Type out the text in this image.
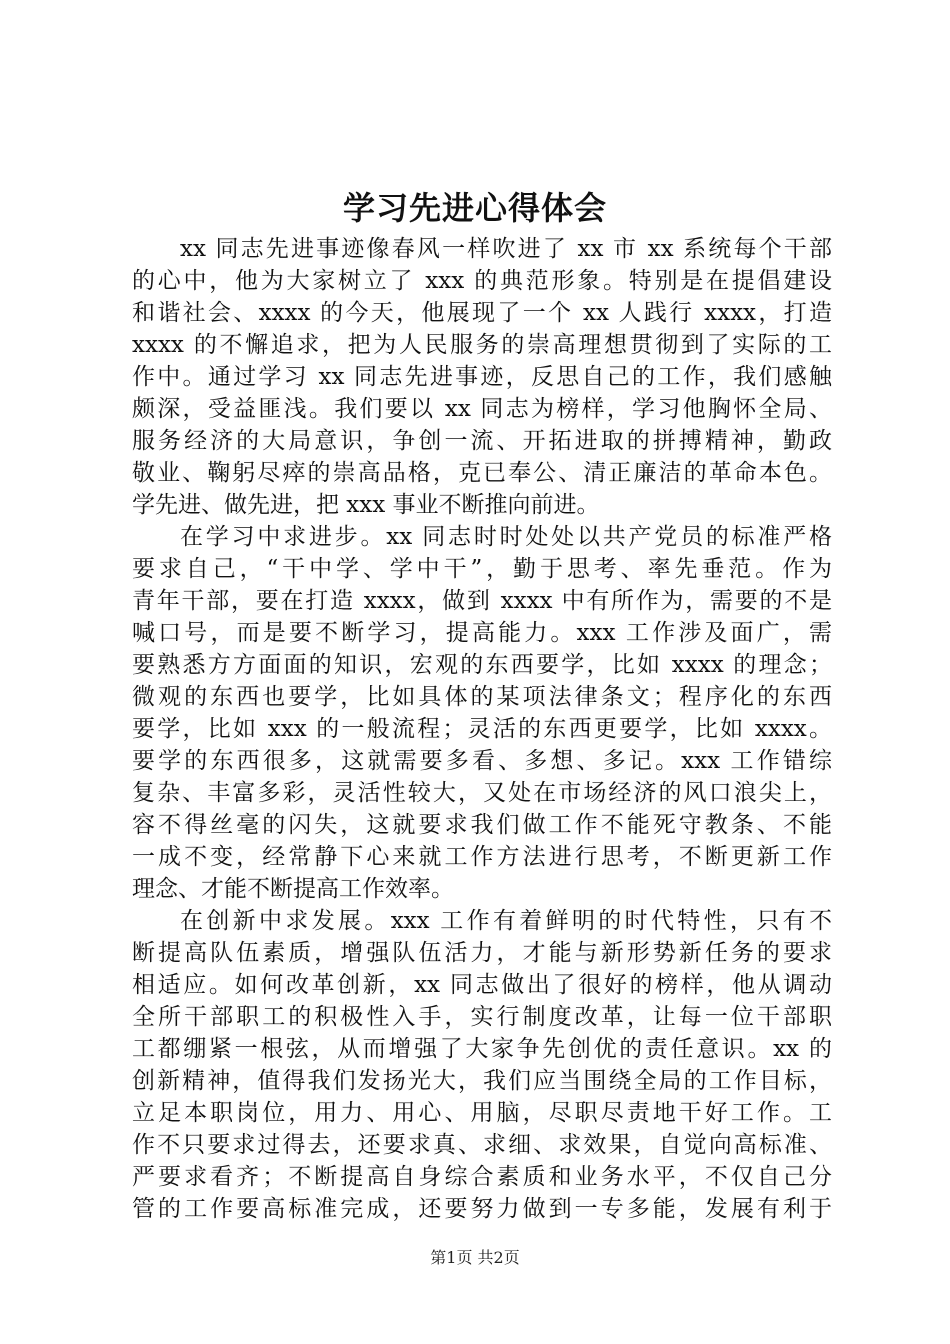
学习先进心得体会
xx 同志先进事迹像春风一样吹进了 xx 市 xx 系统每个干部
的心中，他为大家树立了 xxx 的典范形象。特别是在提倡建设
和谐社会、xxxx 的今天，他展现了一个 xx 人践行 xxxx，打造
xxxx 的不懈追求，把为人民服务的崇高理想贯彻到了实际的工
作中。通过学习 xx 同志先进事迹，反思自己的工作，我们感触
颇深，受益匪浅。我们要以 xx 同志为榜样，学习他胸怀全局、
服务经济的大局意识，争创一流、开拓进取的拼搏精神，勤政
敬业、鞠躬尽瘁的崇高品格，克已奉公、清正廉洁的革命本色。
学先进、做先进，把 xxx 事业不断推向前进。
在学习中求进步。xx 同志时时处处以共产党员的标准严格
要求自己，“干中学、学中干”，勤于思考、率先垂范。作为
青年干部，要在打造 xxxx，做到 xxxx 中有所作为，需要的不是
喊口号，而是要不断学习，提高能力。xxx 工作涉及面广，需
要熟悉方方面面的知识，宏观的东西要学，比如 xxxx 的理念；
微观的东西也要学，比如具体的某项法律条文；程序化的东西
要学，比如 xxx 的一般流程；灵活的东西更要学，比如 xxxx。
要学的东西很多，这就需要多看、多想、多记。xxx 工作错综
复杂、丰富多彩，灵活性较大，又处在市场经济的风口浪尖上，
容不得丝毫的闪失，这就要求我们做工作不能死守教条、不能
一成不变，经常静下心来就工作方法进行思考，不断更新工作
理念、才能不断提高工作效率。
在创新中求发展。xxx 工作有着鲜明的时代特性，只有不
断提高队伍素质，增强队伍活力，才能与新形势新任务的要求
相适应。如何改革创新，xx 同志做出了很好的榜样，他从调动
全所干部职工的积极性入手，实行制度改革，让每一位干部职
工都绷紧一根弦，从而增强了大家争先创优的责任意识。xx 的
创新精神，值得我们发扬光大，我们应当围绕全局的工作目标，
立足本职岗位，用力、用心、用脑，尽职尽责地干好工作。工
作不只要求过得去，还要求真、求细、求效果，自觉向高标准、
严要求看齐；不断提高自身综合素质和业务水平，不仅自己分
管的工作要高标准完成，还要努力做到一专多能，发展有利于
第1页 共2页
